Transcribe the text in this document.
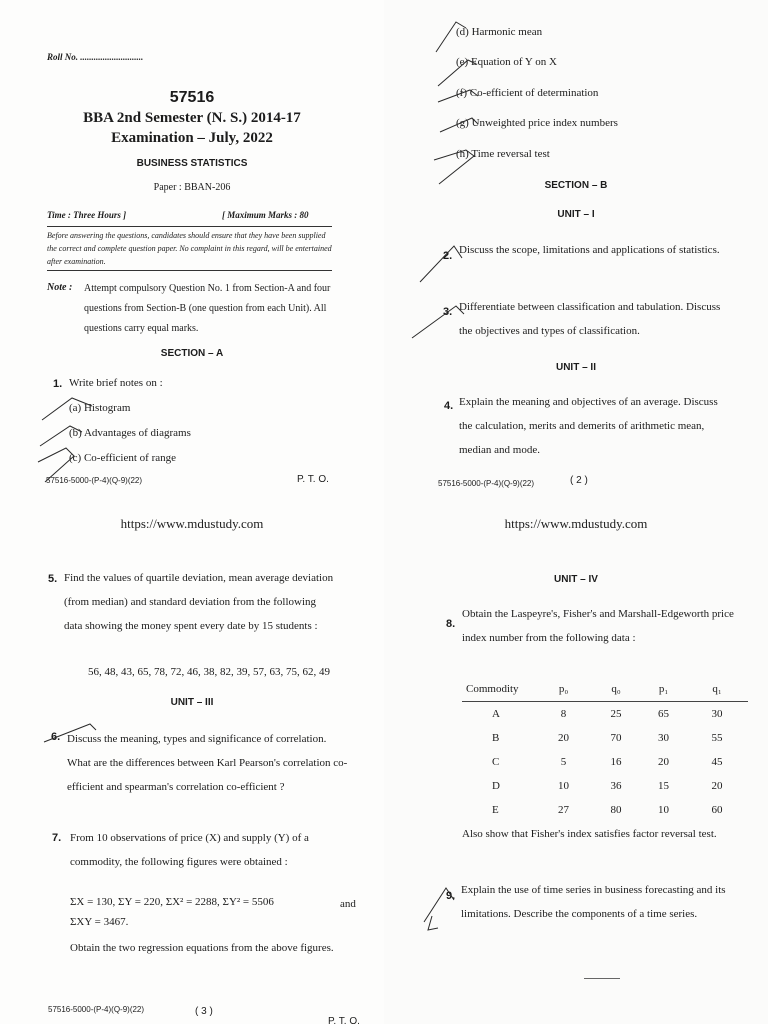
Roll No. ............................
57516
BBA 2nd Semester (N. S.) 2014-17
Examination – July, 2022
BUSINESS STATISTICS
Paper : BBAN-206
Time : Three Hours ]	[ Maximum Marks : 80
Before answering the questions, candidates should ensure that they have been supplied the correct and complete question paper. No complaint in this regard, will be entertained after examination.
Note : Attempt compulsory Question No. 1 from Section-A and four questions from Section-B (one question from each Unit). All questions carry equal marks.
SECTION – A
1. Write brief notes on :
(a) Histogram
(b) Advantages of diagrams
(c) Co-efficient of range
57516-5000-(P-4)(Q-9)(22)	P. T. O.
(d) Harmonic mean
(e) Equation of Y on X
(f) Co-efficient of determination
(g) Unweighted price index numbers
(h) Time reversal test
SECTION – B
UNIT – I
2. Discuss the scope, limitations and applications of statistics.
3. Differentiate between classification and tabulation. Discuss the objectives and types of classification.
UNIT – II
4. Explain the meaning and objectives of an average. Discuss the calculation, merits and demerits of arithmetic mean, median and mode.
57516-5000-(P-4)(Q-9)(22)	( 2 )
https://www.mdustudy.com
5. Find the values of quartile deviation, mean average deviation (from median) and standard deviation from the following data showing the money spent every date by 15 students :
56, 48, 43, 65, 78, 72, 46, 38, 82, 39, 57, 63, 75, 62, 49
UNIT – III
6. Discuss the meaning, types and significance of correlation. What are the differences between Karl Pearson's correlation co-efficient and spearman's correlation co-efficient ?
7. From 10 observations of price (X) and supply (Y) of a commodity, the following figures were obtained :
ΣX = 130, ΣY = 220, ΣX² = 2288, ΣY² = 5506	and
ΣXY = 3467.
Obtain the two regression equations from the above figures.
57516-5000-(P-4)(Q-9)(22)	( 3 )
P. T. O.
https://www.mdustudy.com
UNIT – IV
8.
Obtain the Laspeyre's, Fisher's and Marshall-Edgeworth price index number from the following data :
Commodity	p₀	q₀	p₁	q₁
A	8	25	65	30
B	20	70	30	55
C	5	16	20	45
D	10	36	15	20
E	27	80	10	60
Also show that Fisher's index satisfies factor reversal test.
9. Explain the use of time series in business forecasting and its limitations. Describe the components of a time series.
